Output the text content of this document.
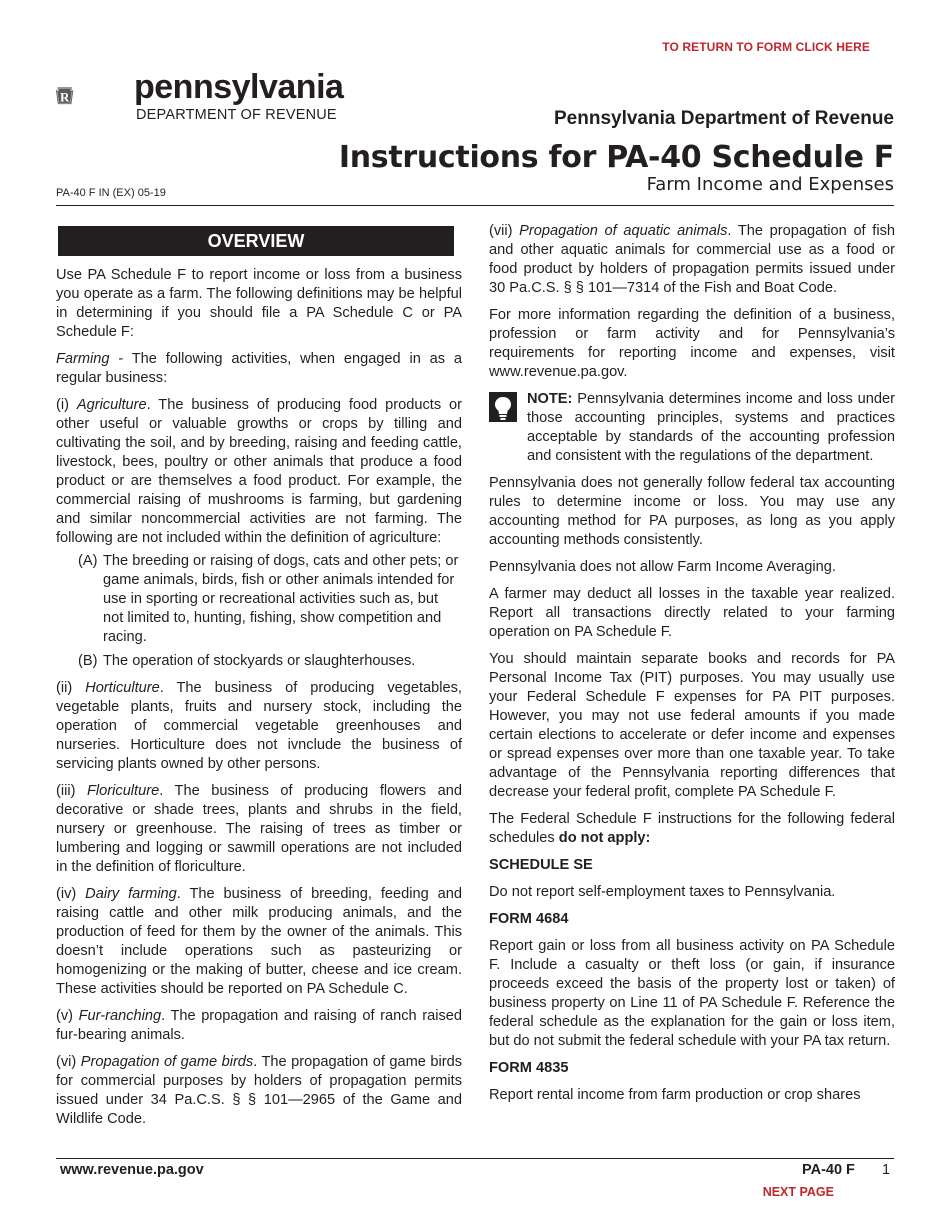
TO RETURN TO FORM CLICK HERE
R pennsylvania
DEPARTMENT OF REVENUE	Pennsylvania Department of Revenue
Instructions for PA-40 Schedule F
Farm Income and Expenses
PA-40 F IN (EX) 05-19
OVERVIEW

Use PA Schedule F to report income or loss from a business you operate as a farm. The following definitions may be helpful in determining if you should file a PA Schedule C or PA Schedule F:

Farming - The following activities, when engaged in as a regular business:

(i) Agriculture. The business of producing food products or other useful or valuable growths or crops by tilling and cultivating the soil, and by breeding, raising and feeding cattle, livestock, bees, poultry or other animals that produce a food product or are themselves a food product. For example, the commercial raising of mushrooms is farming, but gardening and similar noncommercial activities are not farming. The following are not included within the definition of agriculture:

(A) The breeding or raising of dogs, cats and other pets; or game animals, birds, fish or other animals intended for use in sporting or recreational activities such as, but not limited to, hunting, fishing, show competition and racing.
(B) The operation of stockyards or slaughterhouses.

(ii) Horticulture. The business of producing vegetables, vegetable plants, fruits and nursery stock, including the operation of commercial vegetable greenhouses and nurseries. Horticulture does not ivnclude the business of servicing plants owned by other persons.

(iii) Floriculture. The business of producing flowers and decorative or shade trees, plants and shrubs in the field, nursery or greenhouse. The raising of trees as timber or lumbering and logging or sawmill operations are not included in the definition of floriculture.

(iv) Dairy farming. The business of breeding, feeding and raising cattle and other milk producing animals, and the production of feed for them by the owner of the animals. This doesn’t include operations such as pasteurizing or homogenizing or the making of butter, cheese and ice cream. These activities should be reported on PA Schedule C.

(v) Fur-ranching. The propagation and raising of ranch raised fur-bearing animals.

(vi) Propagation of game birds. The propagation of game birds for commercial purposes by holders of propagation permits issued under 34 Pa.C.S. § § 101—2965 of the Game and Wildlife Code.

(vii) Propagation of aquatic animals. The propagation of fish and other aquatic animals for commercial use as a food or food product by holders of propagation permits issued under 30 Pa.C.S. § § 101—7314 of the Fish and Boat Code.

For more information regarding the definition of a business, profession or farm activity and for Pennsylvania’s requirements for reporting income and expenses, visit www.revenue.pa.gov.

NOTE: Pennsylvania determines income and loss under those accounting principles, systems and practices acceptable by standards of the accounting profession and consistent with the regulations of the department.

Pennsylvania does not generally follow federal tax accounting rules to determine income or loss. You may use any accounting method for PA purposes, as long as you apply accounting methods consistently.

Pennsylvania does not allow Farm Income Averaging.

A farmer may deduct all losses in the taxable year realized. Report all transactions directly related to your farming operation on PA Schedule F.

You should maintain separate books and records for PA Personal Income Tax (PIT) purposes. You may usually use your Federal Schedule F expenses for PA PIT purposes. However, you may not use federal amounts if you made certain elections to accelerate or defer income and expenses or spread expenses over more than one taxable year. To take advantage of the Pennsylvania reporting differences that decrease your federal profit, complete PA Schedule F.

The Federal Schedule F instructions for the following federal schedules do not apply:

SCHEDULE SE

Do not report self-employment taxes to Pennsylvania.

FORM 4684

Report gain or loss from all business activity on PA Schedule F. Include a casualty or theft loss (or gain, if insurance proceeds exceed the basis of the property lost or taken) of business property on Line 11 of PA Schedule F. Reference the federal schedule as the explanation for the gain or loss item, but do not submit the federal schedule with your PA tax return.

FORM 4835

Report rental income from farm production or crop shares

www.revenue.pa.gov	PA-40 F 1
NEXT PAGE
